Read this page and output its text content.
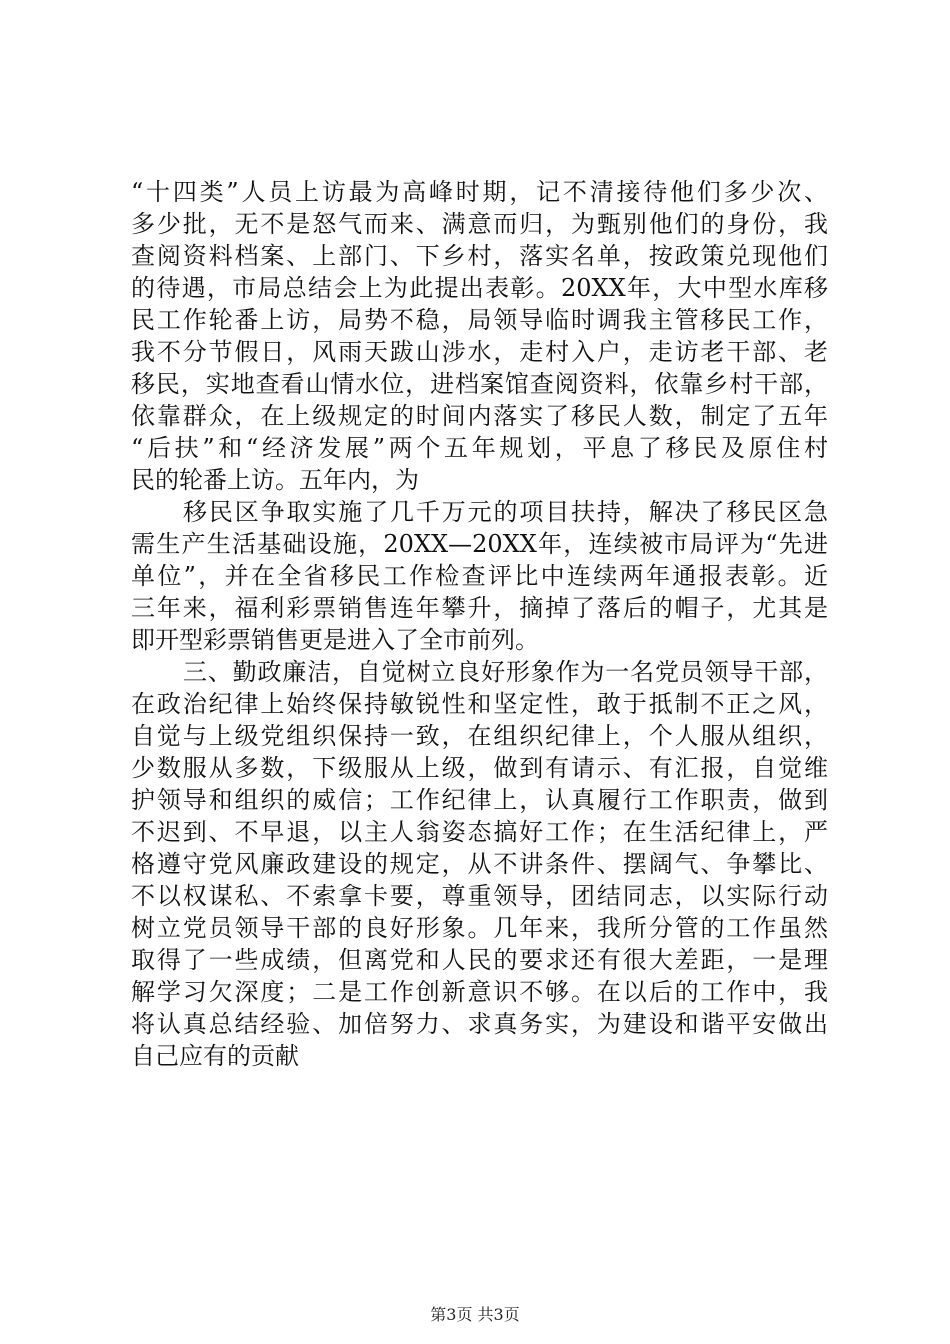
“十四类”人员上访最为高峰时期，记不清接待他们多少次、
多少批，无不是怒气而来、满意而归，为甄别他们的身份，我
查阅资料档案、上部门、下乡村，落实名单，按政策兑现他们
的待遇，市局总结会上为此提出表彰。20XX年，大中型水库移
民工作轮番上访，局势不稳，局领导临时调我主管移民工作，
我不分节假日，风雨天跋山涉水，走村入户，走访老干部、老
移民，实地查看山情水位，进档案馆查阅资料，依靠乡村干部，
依靠群众，在上级规定的时间内落实了移民人数，制定了五年
“后扶”和“经济发展”两个五年规划，平息了移民及原住村
民的轮番上访。五年内，为
移民区争取实施了几千万元的项目扶持，解决了移民区急
需生产生活基础设施，20XX—20XX年，连续被市局评为“先进
单位”，并在全省移民工作检查评比中连续两年通报表彰。近
三年来，福利彩票销售连年攀升，摘掉了落后的帽子，尤其是
即开型彩票销售更是进入了全市前列。
三、勤政廉洁，自觉树立良好形象作为一名党员领导干部，
在政治纪律上始终保持敏锐性和坚定性，敢于抵制不正之风，
自觉与上级党组织保持一致，在组织纪律上，个人服从组织，
少数服从多数，下级服从上级，做到有请示、有汇报，自觉维
护领导和组织的威信；工作纪律上，认真履行工作职责，做到
不迟到、不早退，以主人翁姿态搞好工作；在生活纪律上，严
格遵守党风廉政建设的规定，从不讲条件、摆阔气、争攀比、
不以权谋私、不索拿卡要，尊重领导，团结同志，以实际行动
树立党员领导干部的良好形象。几年来，我所分管的工作虽然
取得了一些成绩，但离党和人民的要求还有很大差距，一是理
解学习欠深度；二是工作创新意识不够。在以后的工作中，我
将认真总结经验、加倍努力、求真务实，为建设和谐平安做出
自己应有的贡献
第3页 共3页
